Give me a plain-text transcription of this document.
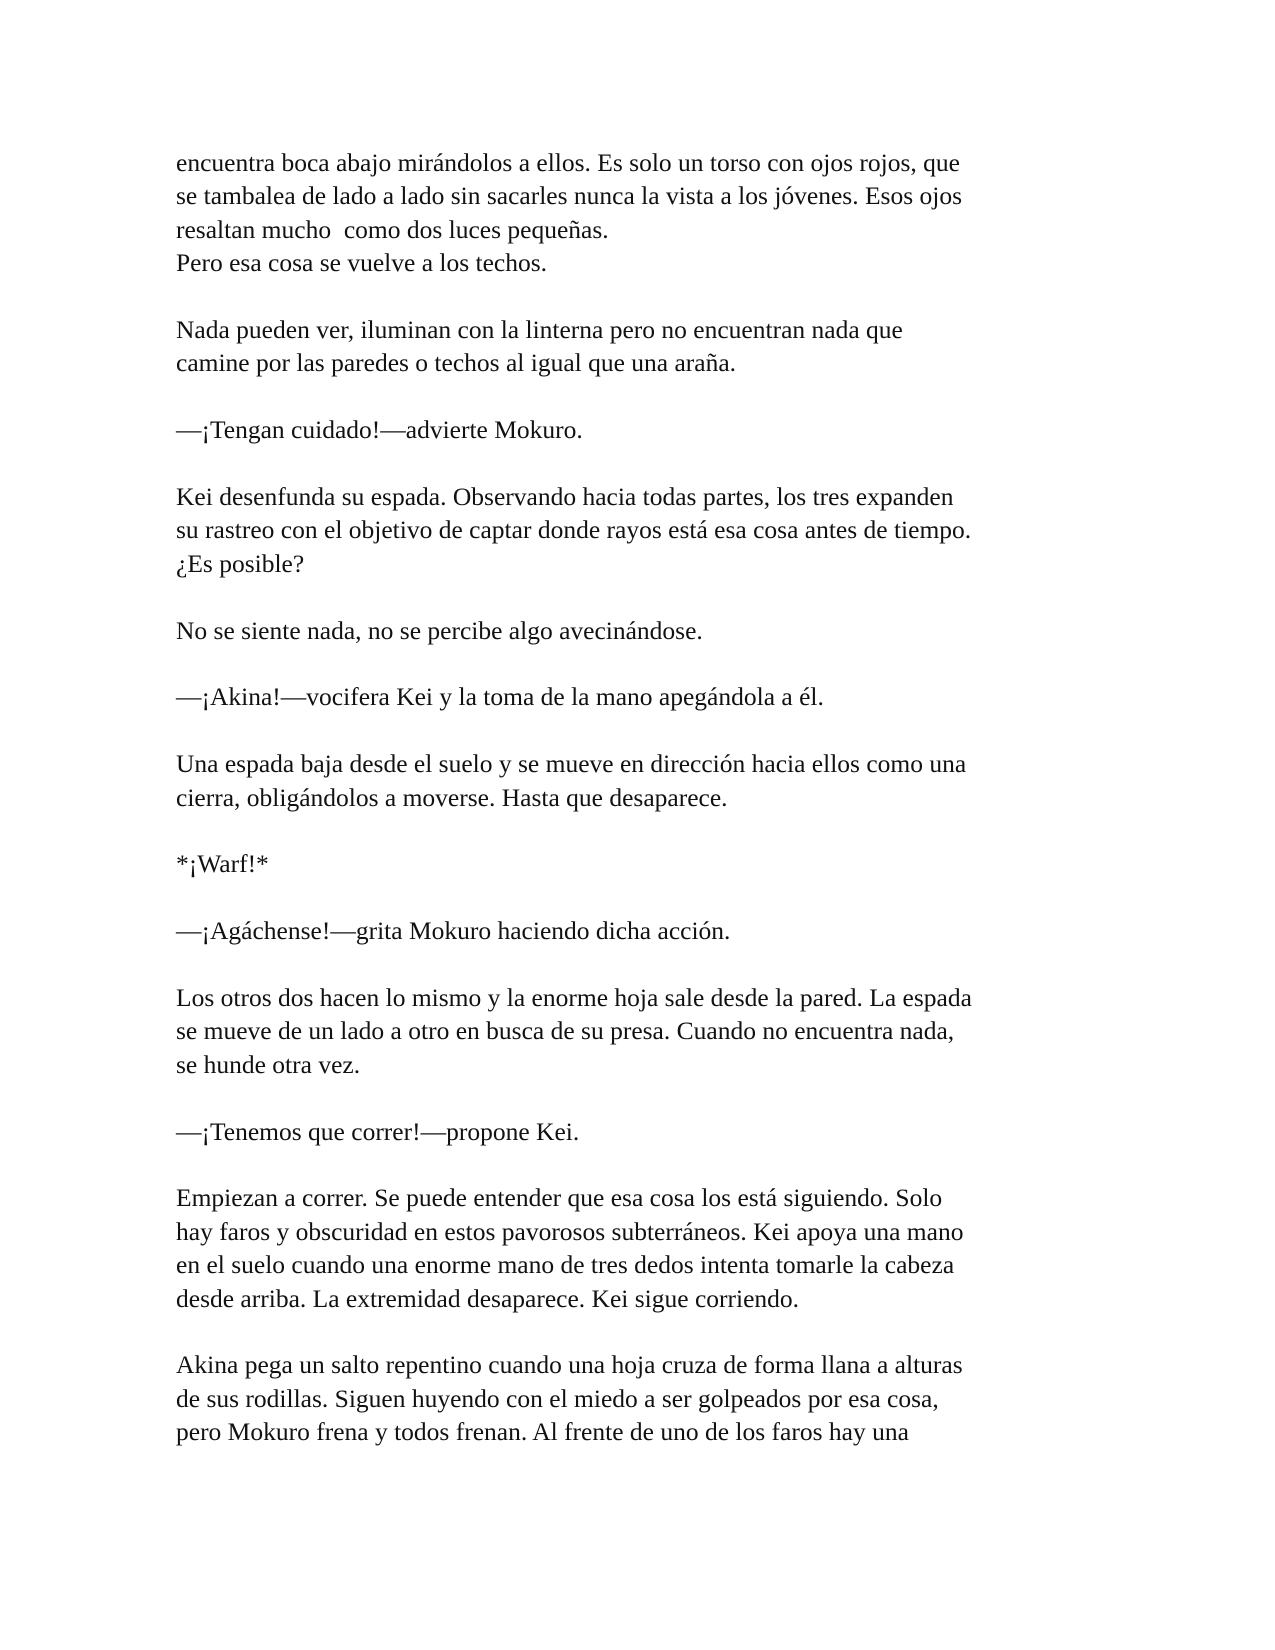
encuentra boca abajo mirándolos a ellos. Es solo un torso con ojos rojos, que
se tambalea de lado a lado sin sacarles nunca la vista a los jóvenes. Esos ojos
resaltan mucho  como dos luces pequeñas.
Pero esa cosa se vuelve a los techos.

Nada pueden ver, iluminan con la linterna pero no encuentran nada que
camine por las paredes o techos al igual que una araña.

—¡Tengan cuidado!—advierte Mokuro.

Kei desenfunda su espada. Observando hacia todas partes, los tres expanden
su rastreo con el objetivo de captar donde rayos está esa cosa antes de tiempo.
¿Es posible?

No se siente nada, no se percibe algo avecinándose.

—¡Akina!—vocifera Kei y la toma de la mano apegándola a él.

Una espada baja desde el suelo y se mueve en dirección hacia ellos como una
cierra, obligándolos a moverse. Hasta que desaparece.

*¡Warf!*

—¡Agáchense!—grita Mokuro haciendo dicha acción.

Los otros dos hacen lo mismo y la enorme hoja sale desde la pared. La espada
se mueve de un lado a otro en busca de su presa. Cuando no encuentra nada,
se hunde otra vez.

—¡Tenemos que correr!—propone Kei.

Empiezan a correr. Se puede entender que esa cosa los está siguiendo. Solo
hay faros y obscuridad en estos pavorosos subterráneos. Kei apoya una mano
en el suelo cuando una enorme mano de tres dedos intenta tomarle la cabeza
desde arriba. La extremidad desaparece. Kei sigue corriendo.

Akina pega un salto repentino cuando una hoja cruza de forma llana a alturas
de sus rodillas. Siguen huyendo con el miedo a ser golpeados por esa cosa,
pero Mokuro frena y todos frenan. Al frente de uno de los faros hay una
